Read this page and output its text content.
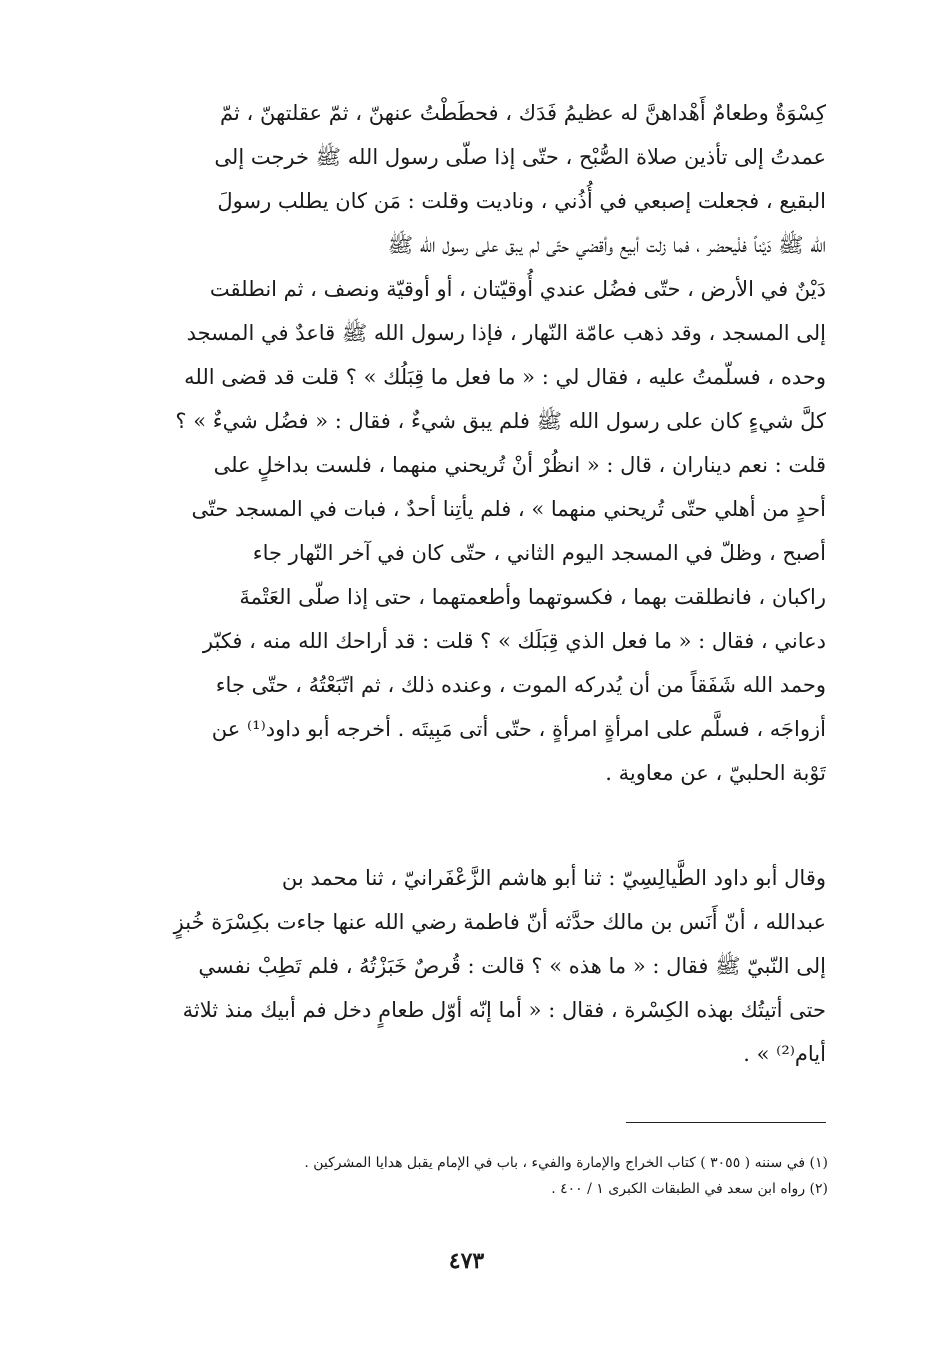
كِسْوَةٌ وطعامٌ أَهْداهنَّ له عظيمُ فَدَك ، فحطَطْتُ عنهنّ ، ثمّ عقلتهنّ ، ثمّ
عمدتُ إلى تأذين صلاة الصُّبْح ، حتّى إذا صلّى رسول الله ﷺ خرجت إلى
البقيع ، فجعلت إصبعي في أُذُني ، وناديت وقلت : مَن كان يطلب رسولَ
الله ﷺ دَيْناً فلْيحضر ، فما زلت أبيع وأقضي حتّى لم يبق على رسول الله ﷺ
دَيْنٌ في الأرض ، حتّى فضُل عندي أُوقيّتان ، أو أوقيّة ونصف ، ثم انطلقت
إلى المسجد ، وقد ذهب عامّة النّهار ، فإذا رسول الله ﷺ قاعدٌ في المسجد
وحده ، فسلّمتُ عليه ، فقال لي : « ما فعل ما قِبَلُك » ؟ قلت قد قضى الله
كلَّ شيءٍ كان على رسول الله ﷺ فلم يبق شيءٌ ، فقال : « فضُل شيءٌ » ؟
قلت : نعم ديناران ، قال : « انظُرْ أنْ تُريحني منهما ، فلست بداخلٍ على
أحدٍ من أهلي حتّى تُريحني منهما » ، فلم يأتِنا أحدٌ ، فبات في المسجد حتّى
أصبح ، وظلّ في المسجد اليوم الثاني ، حتّى كان في آخر النّهار جاء
راكبان ، فانطلقت بهما ، فكسوتهما وأطعمتهما ، حتى إذا صلّى العَتْمةَ
دعاني ، فقال : « ما فعل الذي قِبَلَك » ؟ قلت : قد أراحك الله منه ، فكبّر
وحمد الله شَفَقاً من أن يُدركه الموت ، وعنده ذلك ، ثم اتّبَعْتُهُ ، حتّى جاء
أزواجَه ، فسلَّم على امرأةٍ امرأةٍ ، حتّى أتى مَبِيتَه . أخرجه أبو داود⁽¹⁾ عن
تَوْبة الحلبيّ ، عن معاوية .
وقال أبو داود الطَّيالِسِيّ : ثنا أبو هاشم الزَّعْفَرانيّ ، ثنا محمد بن
عبدالله ، أنّ أَنَس بن مالك حدَّثه أنّ فاطمة رضي الله عنها جاءت بكِسْرَة خُبزٍ
إلى النّبيّ ﷺ فقال : « ما هذه » ؟ قالت : قُرصٌ خَبَزْتُهُ ، فلم تَطِبْ نفسي
حتى أتيتُك بهذه الكِسْرة ، فقال : « أما إنّه أوّل طعامٍ دخل فم أبيك منذ ثلاثة
أيام⁽²⁾ » .
(١) في سننه ( ٣٠٥٥ ) كتاب الخراج والإمارة والفيء ، باب في الإمام يقبل هدايا المشركين .
(٢) رواه ابن سعد في الطبقات الكبرى ١ / ٤٠٠ .
٤٧٣
